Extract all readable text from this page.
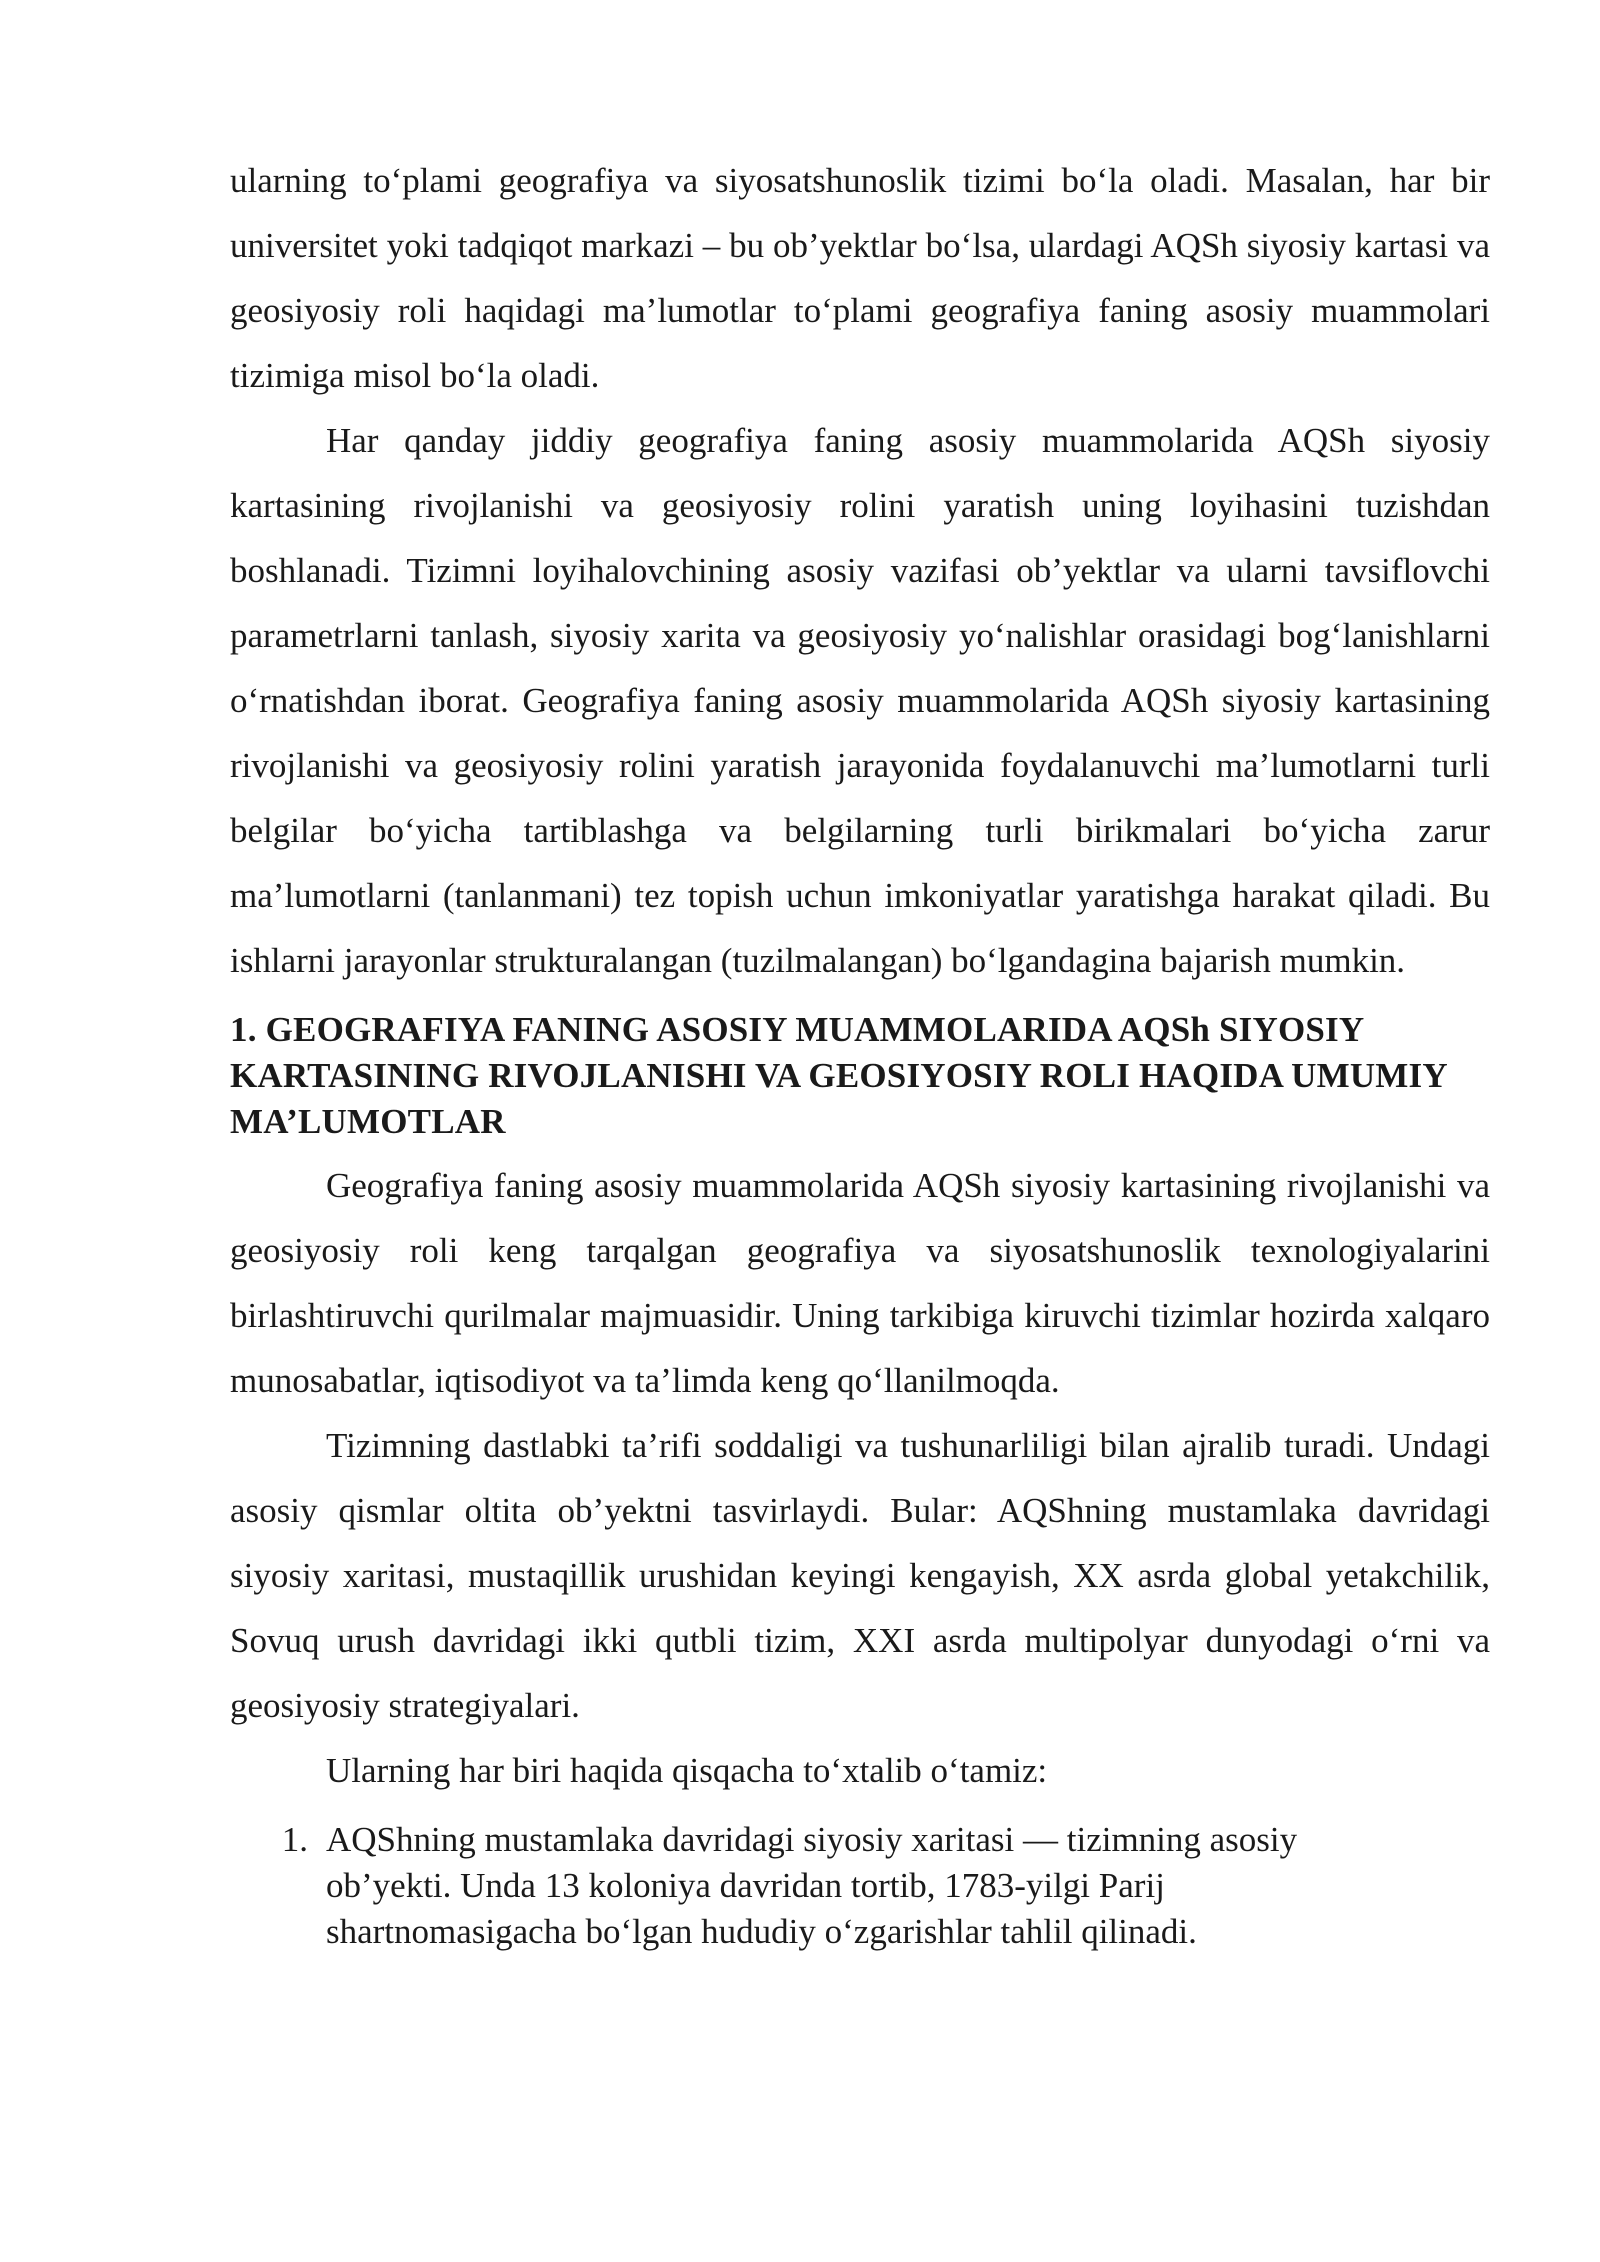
ularning to‘plami geografiya va siyosatshunoslik tizimi bo‘la oladi. Masalan, har bir universitet yoki tadqiqot markazi – bu ob’yektlar bo‘lsa, ulardagi AQSh siyosiy kartasi va geosiyosiy roli haqidagi ma’lumotlar to‘plami geografiya faning asosiy muammolari tizimiga misol bo‘la oladi.

Har qanday jiddiy geografiya faning asosiy muammolarida AQSh siyosiy kartasining rivojlanishi va geosiyosiy rolini yaratish uning loyihasini tuzishdan boshlanadi. Tizimni loyihalovchining asosiy vazifasi ob’yektlar va ularni tavsiflovchi parametrlarni tanlash, siyosiy xarita va geosiyosiy yo‘nalishlar orasidagi bog‘lanishlarni o‘rnatishdan iborat. Geografiya faning asosiy muammolarida AQSh siyosiy kartasining rivojlanishi va geosiyosiy rolini yaratish jarayonida foydalanuvchi ma’lumotlarni turli belgilar bo‘yicha tartiblashga va belgilarning turli birikmalari bo‘yicha zarur ma’lumotlarni (tanlanmani) tez topish uchun imkoniyatlar yaratishga harakat qiladi. Bu ishlarni jarayonlar strukturalangan (tuzilmalangan) bo‘lgandagina bajarish mumkin.

1. GEOGRAFIYA FANING ASOSIY MUAMMOLARIDA AQSh SIYOSIY KARTASINING RIVOJLANISHI VA GEOSIYOSIY ROLI HAQIDA UMUMIY MA’LUMOTLAR

Geografiya faning asosiy muammolarida AQSh siyosiy kartasining rivojlanishi va geosiyosiy roli keng tarqalgan geografiya va siyosatshunoslik texnologiyalarini birlashtiruvchi qurilmalar majmuasidir. Uning tarkibiga kiruvchi tizimlar hozirda xalqaro munosabatlar, iqtisodiyot va ta’limda keng qo‘llanilmoqda.

Tizimning dastlabki ta’rifi soddaligi va tushunarliligi bilan ajralib turadi. Undagi asosiy qismlar oltita ob’yektni tasvirlaydi. Bular: AQShning mustamlaka davridagi siyosiy xaritasi, mustaqillik urushidan keyingi kengayish, XX asrda global yetakchilik, Sovuq urush davridagi ikki qutbli tizim, XXI asrda multipolyar dunyodagi o‘rni va geosiyosiy strategiyalari.

Ularning har biri haqida qisqacha to‘xtalib o‘tamiz:

1. AQShning mustamlaka davridagi siyosiy xaritasi — tizimning asosiy ob’yekti. Unda 13 koloniya davridan tortib, 1783-yilgi Parij shartnomasigacha bo‘lgan hududiy o‘zgarishlar tahlil qilinadi.
